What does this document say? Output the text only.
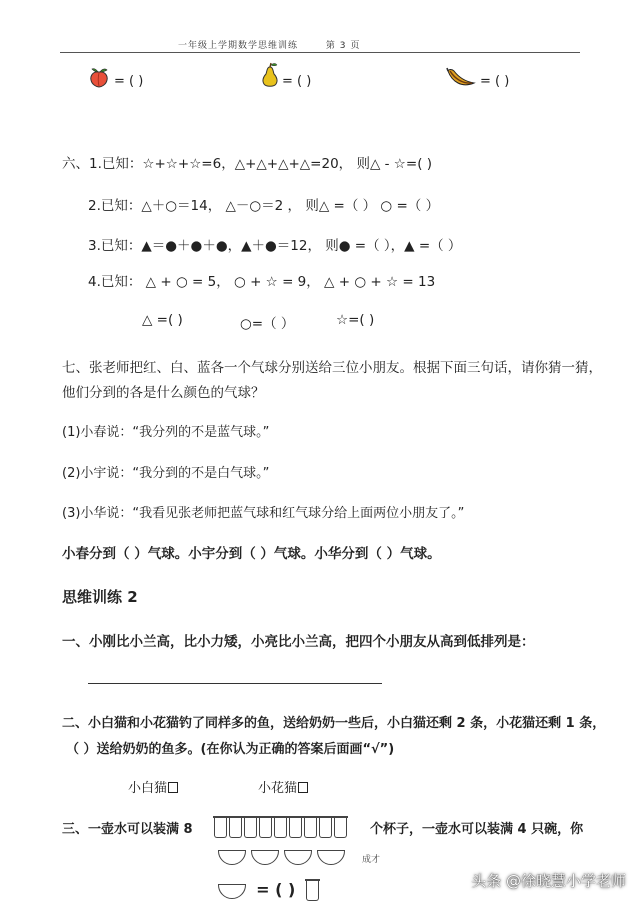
一年级上学期数学思维训练	第 3 页
= ( )	= ( )	= ( )
六、1.已知：☆+☆+☆=6，△+△+△+△=20， 则△ - ☆=( )
2.已知：△＋○＝14， △－○＝2 ， 则△ =（ ） ○ =（ ）
3.已知：▲＝●＋●＋●，▲＋●＝12， 则● =（ ），▲ =（ ）
4.已知： △ + ○ = 5， ○ + ☆ = 9， △ + ○ + ☆ = 13
△ =( )	○=（ ）	☆=( )
七、张老师把红、白、蓝各一个气球分别送给三位小朋友。根据下面三句话，请你猜一猜，
他们分到的各是什么颜色的气球？
(1)小春说：“我分列的不是蓝气球。”
(2)小宇说：“我分到的不是白气球。”
(3)小华说：“我看见张老师把蓝气球和红气球分给上面两位小朋友了。”
小春分到（ ）气球。小宇分到（ ）气球。小华分到（ ）气球。
思维训练 2
一、小刚比小兰高，比小力矮，小亮比小兰高，把四个小朋友从高到低排列是：
二、小白猫和小花猫钓了同样多的鱼，送给奶奶一些后，小白猫还剩 2 条，小花猫还剩 1 条，
（ ）送给奶奶的鱼多。(在你认为正确的答案后面画“√”)
小白猫	小花猫
三、一壶水可以装满 8	个杯子，一壶水可以装满 4 只碗，你
成才
= ( )	头条 @徐晓慧小学老师
